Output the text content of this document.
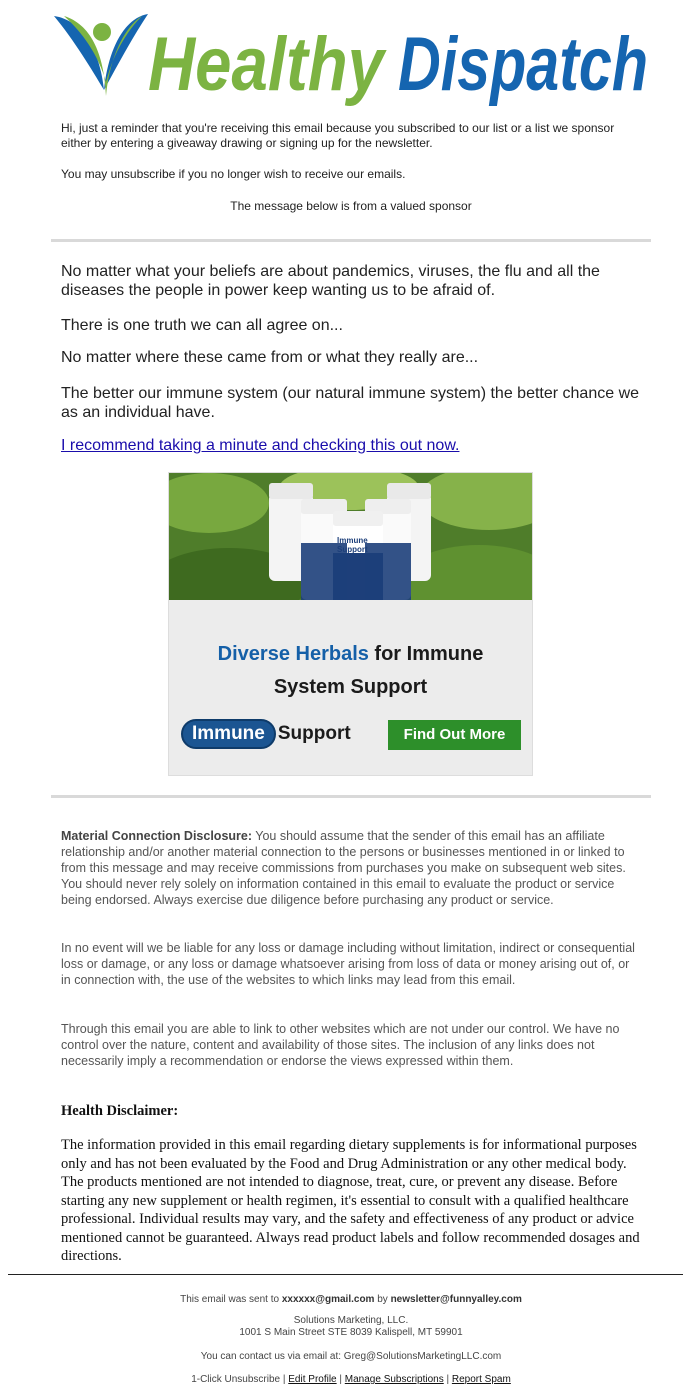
Healthy Dispatch
Hi, just a reminder that you're receiving this email because you subscribed to our list or a list we sponsor either by entering a giveaway drawing or signing up for the newsletter.
You may unsubscribe if you no longer wish to receive our emails.
The message below is from a valued sponsor
No matter what your beliefs are about pandemics, viruses, the flu and all the diseases the people in power keep wanting us to be afraid of.
There is one truth we can all agree on...
No matter where these came from or what they really are...
The better our immune system (our natural immune system) the better chance we as an individual have.
I recommend taking a minute and checking this out now.
Immune
Support
Diverse Herbals for Immune
System Support
Immune Support	Find Out More
Material Connection Disclosure: You should assume that the sender of this email has an affiliate relationship and/or another material connection to the persons or businesses mentioned in or linked to from this message and may receive commissions from purchases you make on subsequent web sites. You should never rely solely on information contained in this email to evaluate the product or service being endorsed. Always exercise due diligence before purchasing any product or service.
In no event will we be liable for any loss or damage including without limitation, indirect or consequential loss or damage, or any loss or damage whatsoever arising from loss of data or money arising out of, or in connection with, the use of the websites to which links may lead from this email.
Through this email you are able to link to other websites which are not under our control. We have no control over the nature, content and availability of those sites. The inclusion of any links does not necessarily imply a recommendation or endorse the views expressed within them.
Health Disclaimer:
The information provided in this email regarding dietary supplements is for informational purposes only and has not been evaluated by the Food and Drug Administration or any other medical body. The products mentioned are not intended to diagnose, treat, cure, or prevent any disease. Before starting any new supplement or health regimen, it's essential to consult with a qualified healthcare professional. Individual results may vary, and the safety and effectiveness of any product or advice mentioned cannot be guaranteed. Always read product labels and follow recommended dosages and directions.
This email was sent to xxxxxx@gmail.com by newsletter@funnyalley.com
Solutions Marketing, LLC.
1001 S Main Street STE 8039 Kalispell, MT 59901
You can contact us via email at: Greg@SolutionsMarketingLLC.com
1-Click Unsubscribe | Edit Profile | Manage Subscriptions | Report Spam
